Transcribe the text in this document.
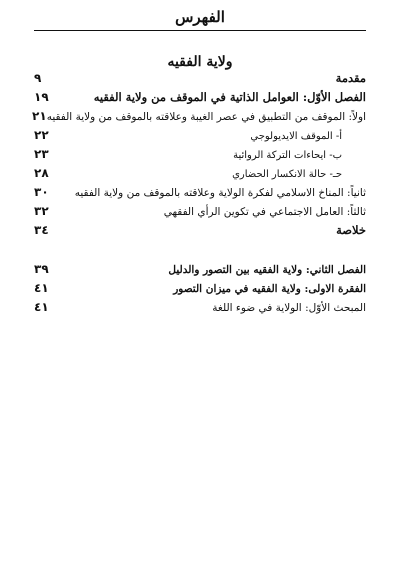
الفهرس
ولاية الفقيه
مقدمة
٩
الفصل الأوّل: العوامل الذاتية في الموقف من ولاية الفقيه
١٩
اولاً: الموقف من التطبيق في عصر الغيبة وعلاقته بالموقف من ولاية الفقيه
٢١
أ- الموقف الايديولوجي
٢٢
ب- ايحاءات التركة الروائية
٢٣
حـ- حالة الانكسار الحضاري
٢٨
ثانياً: المناخ الاسلامي لفكرة الولاية وعلاقته بالموقف من ولاية الفقيه
٣٠
ثالثاً: العامل الاجتماعي في تكوين الرأي الفقهي
٣٢
خلاصة
٣٤
الفصل الثاني: ولاية الفقيه بين التصور والدليل
٣٩
الفقرة الاولى: ولاية الفقيه في ميزان التصور
٤١
المبحث الأوّل: الولاية في ضوء اللغة
٤١
